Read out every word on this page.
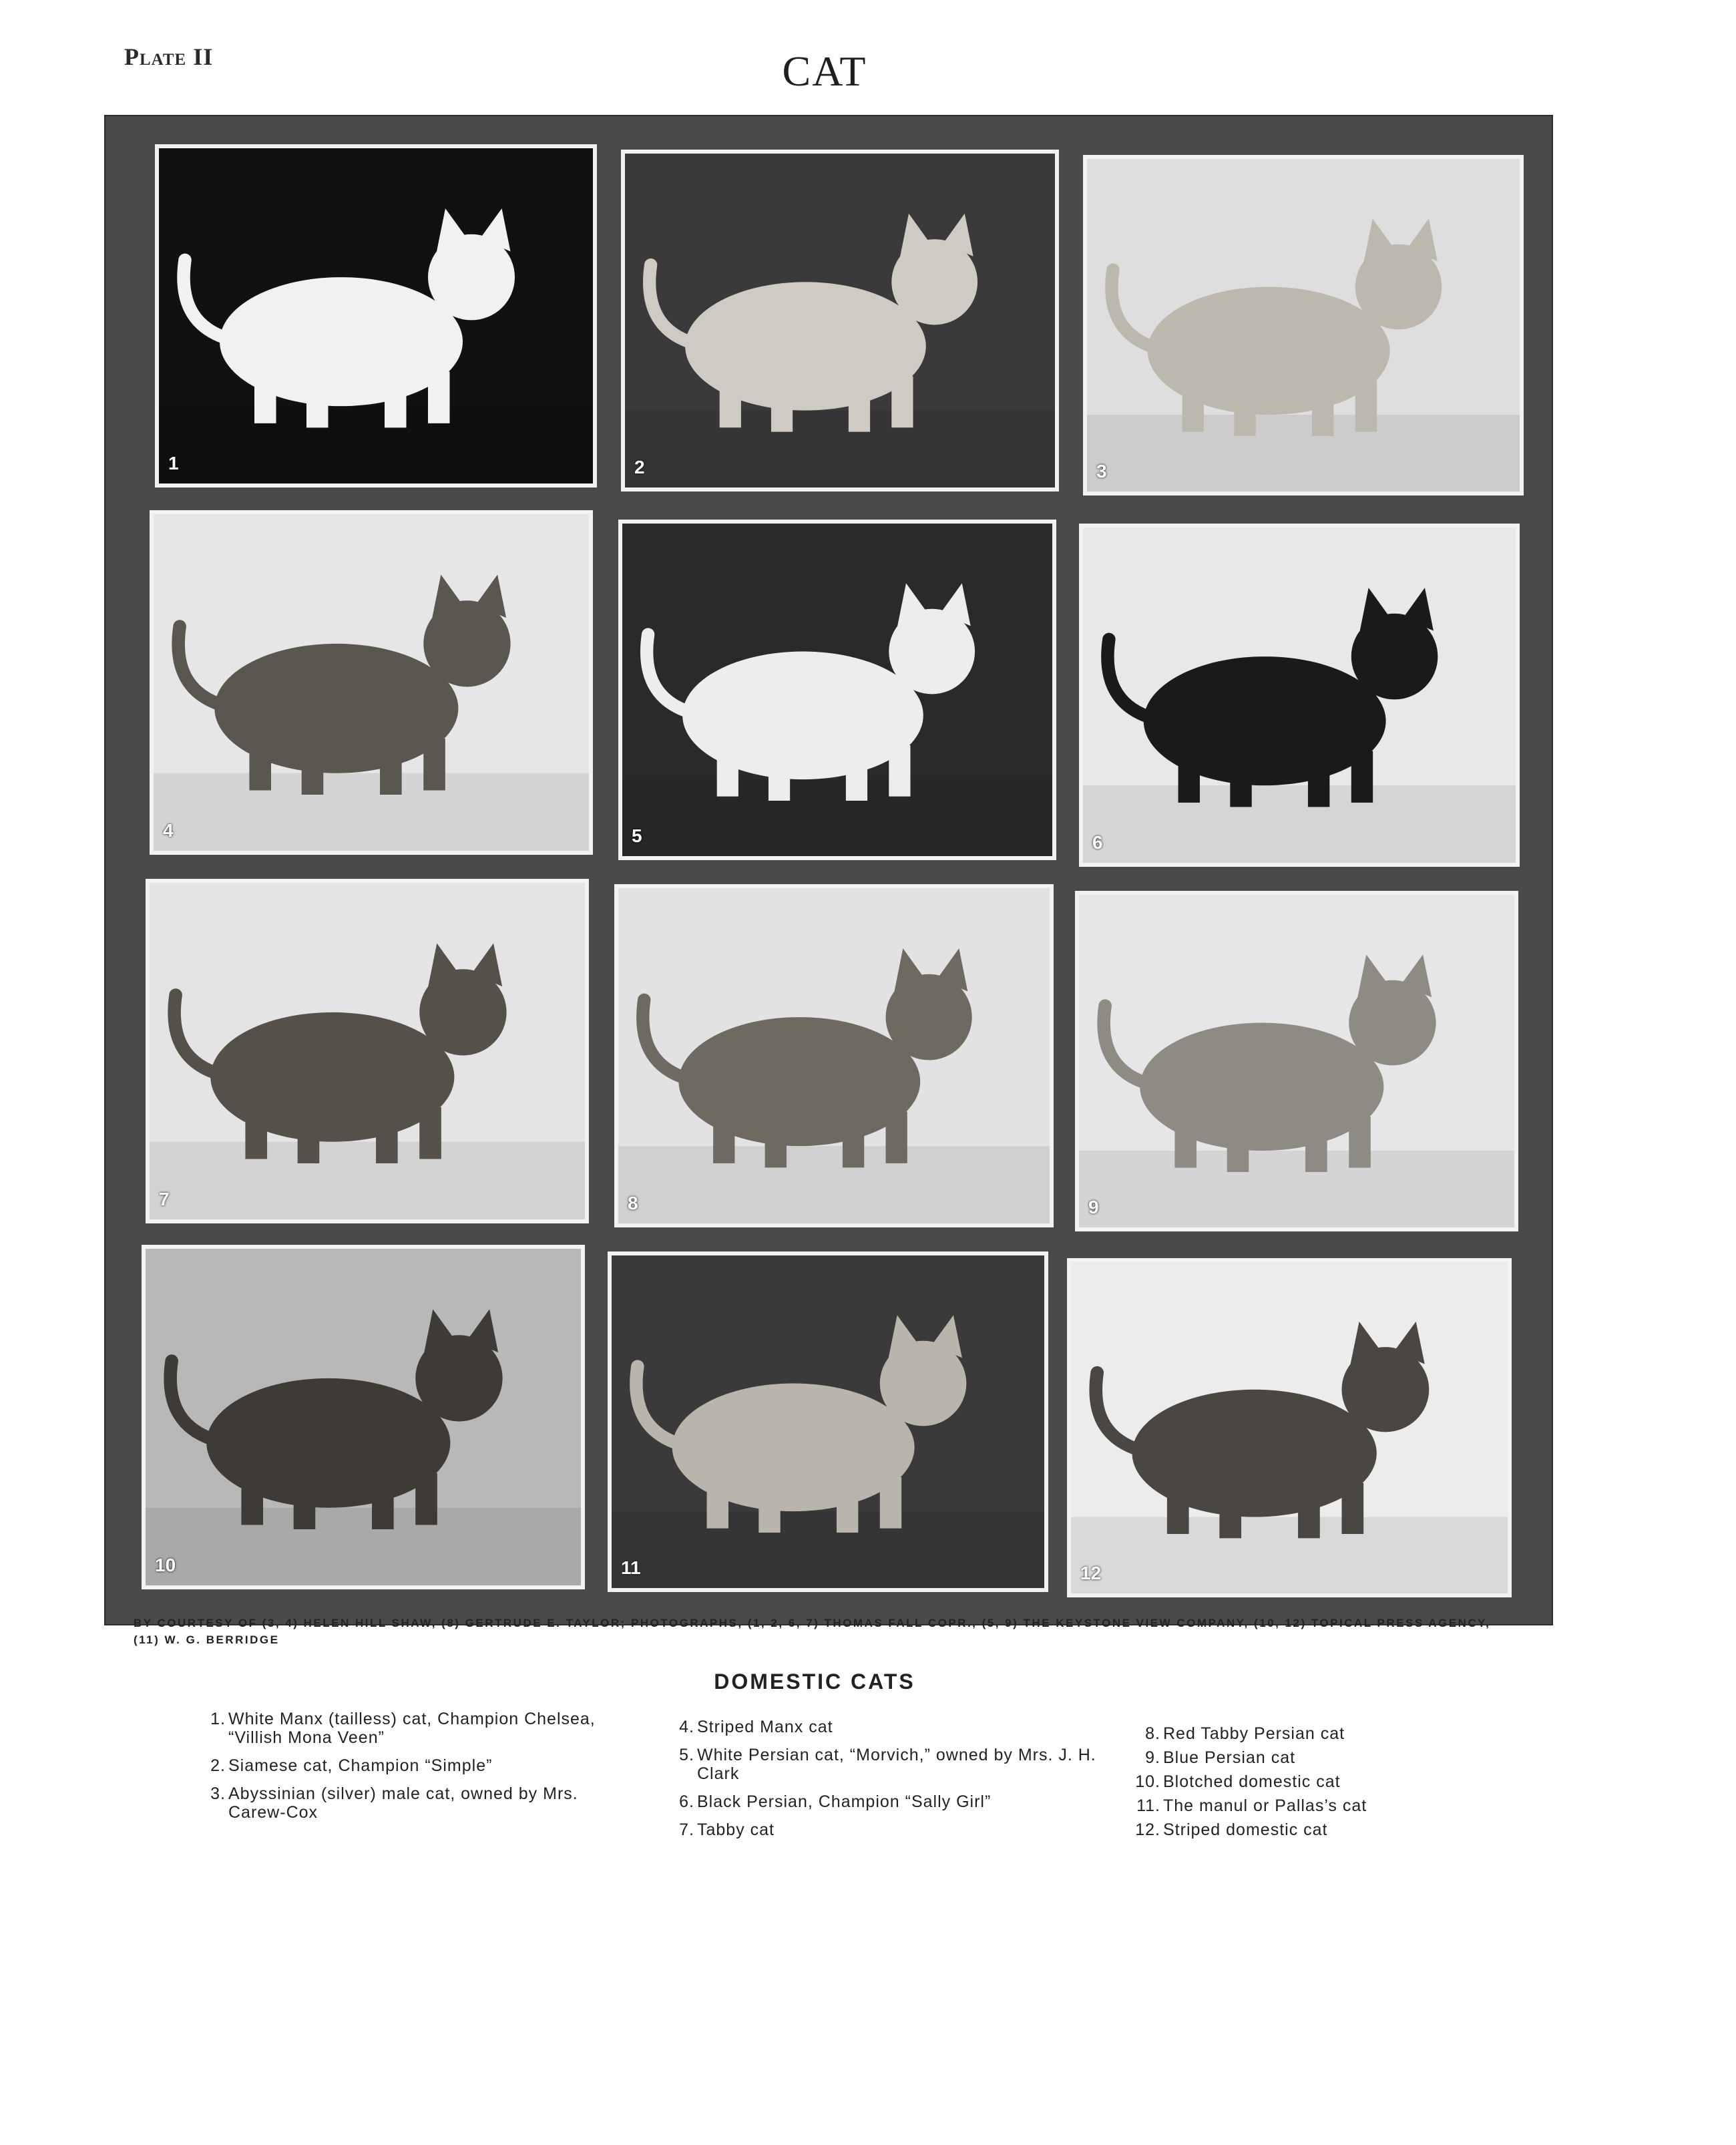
Plate II	CAT
1	2	3
4	5	6
7	8	9
10	11	12
BY COURTESY OF (3, 4) HELEN HILL SHAW, (8) GERTRUDE E. TAYLOR; PHOTOGRAPHS, (1, 2, 6, 7) THOMAS FALL COPR., (5, 9) THE KEYSTONE VIEW COMPANY, (10, 12) TOPICAL PRESS AGENCY, (11) W. G. BERRIDGE
DOMESTIC CATS
1. White Manx (tailless) cat, Champion Chelsea, “Villish Mona Veen”
2. Siamese cat, Champion “Simple”
3. Abyssinian (silver) male cat, owned by Mrs. Carew-Cox
4. Striped Manx cat
5. White Persian cat, “Morvich,” owned by Mrs. J. H. Clark
6. Black Persian, Champion “Sally Girl”
7. Tabby cat
8. Red Tabby Persian cat
9. Blue Persian cat
10. Blotched domestic cat
11. The manul or Pallas’s cat
12. Striped domestic cat
